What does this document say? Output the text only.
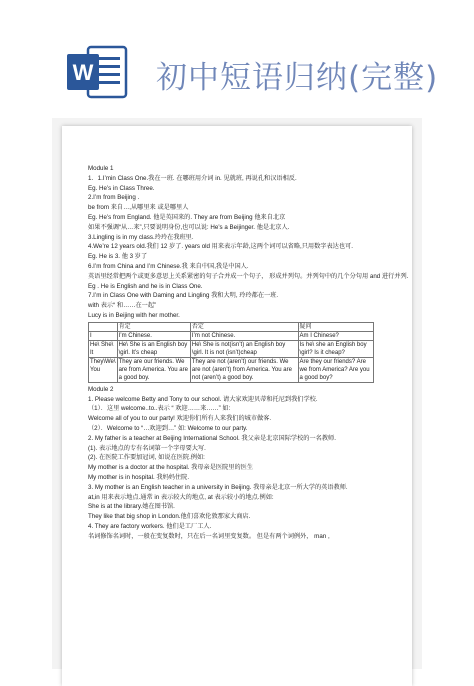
W 初中短语归纳(完整)
Module 1
1．1.I’min Class One.我在一班. 在哪班用介词 in. 见就班, 再说孔和汉语相反.
Eg. He’s in Class Three.
2.I’m from Beijing .
be from 来自…,从哪里来 或是哪里人
Eg. He’s from England. 他是英国来的. They are from Beijing 他来自北京
如果不强调“从…来”,只要说明身份,也可以说: He’s a Beijinger. 他是北京人.
3.Lingling is in my class.玲玲在我班里.
4.We’re 12 years old.我们 12 岁了. years old 用来表示年龄,这两个词可以省略,只用数字表达也可.
Eg. He is 3. 他 3 岁了
6.I’m from China and I’m Chinese.我 来自中国,我是中国人.
英语里经常把两个或更多意思上关系紧密的句子合并成一个句子， 形成并列句。并列句中的几个分句用 and 进行并列.
Eg . He is English and he is in Class One.
7.I’m in Class One with Daming and Lingling 我和大明, 玲玲都在一班.
with 表示“ 和……在一起”
Lucy is in Beijing with her mother.
	肯定	否定	疑问
I	I’m Chinese.	I’m not Chinese.	Am I Chinese?
He\ She\ It	He\ She is an English boy \girl. It’s cheap	He\ She is not(isn’t) an English boy \girl. It is not (isn’t)cheap	Is he\ she an English boy \girl? Is it cheap?
They\We\ You	They are our friends. We are from America. You are a good boy.	They are not (aren’t) our friends. We are not (aren’t) from America. You are not (aren’t) a good boy.	Are they our friends? Are we from America? Are you a good boy?
Module 2
1. Please welcome Betty and Tony to our school. 请大家欢迎贝蒂和托尼到我们学校.
（1）．这里 welcome..to..表示 “ 欢迎……来……” 如:
Welcome all of you to our party! 欢迎你们所有人来我们的城市做客.
（2）．Welcome to “…欢迎到…” 如: Welcome to our party.
2. My father is a teacher at Beijing International School. 我父亲是北京国际学校的一名教师.
(1). 表示地点的专有名词第一个字母要大写.
(2). 在医院工作要加冠词, 如说在医院.例如:
My mother is a doctor at the hospital. 我母亲是医院里的医生
My mother is in hospital. 我妈妈住院.
3. My mother is an English teacher in a university in Beijing. 我母亲是北京一所大学的英语教师.
at,in 用来表示地点.通常 in 表示较大的地点, at 表示较小的地点.例如:
She is at the library.她在图书馆.
They like that big shop in London.他们喜欢伦敦那家大商店.
4. They are factory workers. 他们是工厂工人.
名词修饰名词时，一般在变复数时，只在后一名词里变复数。 但是有两个词例外， man ,
